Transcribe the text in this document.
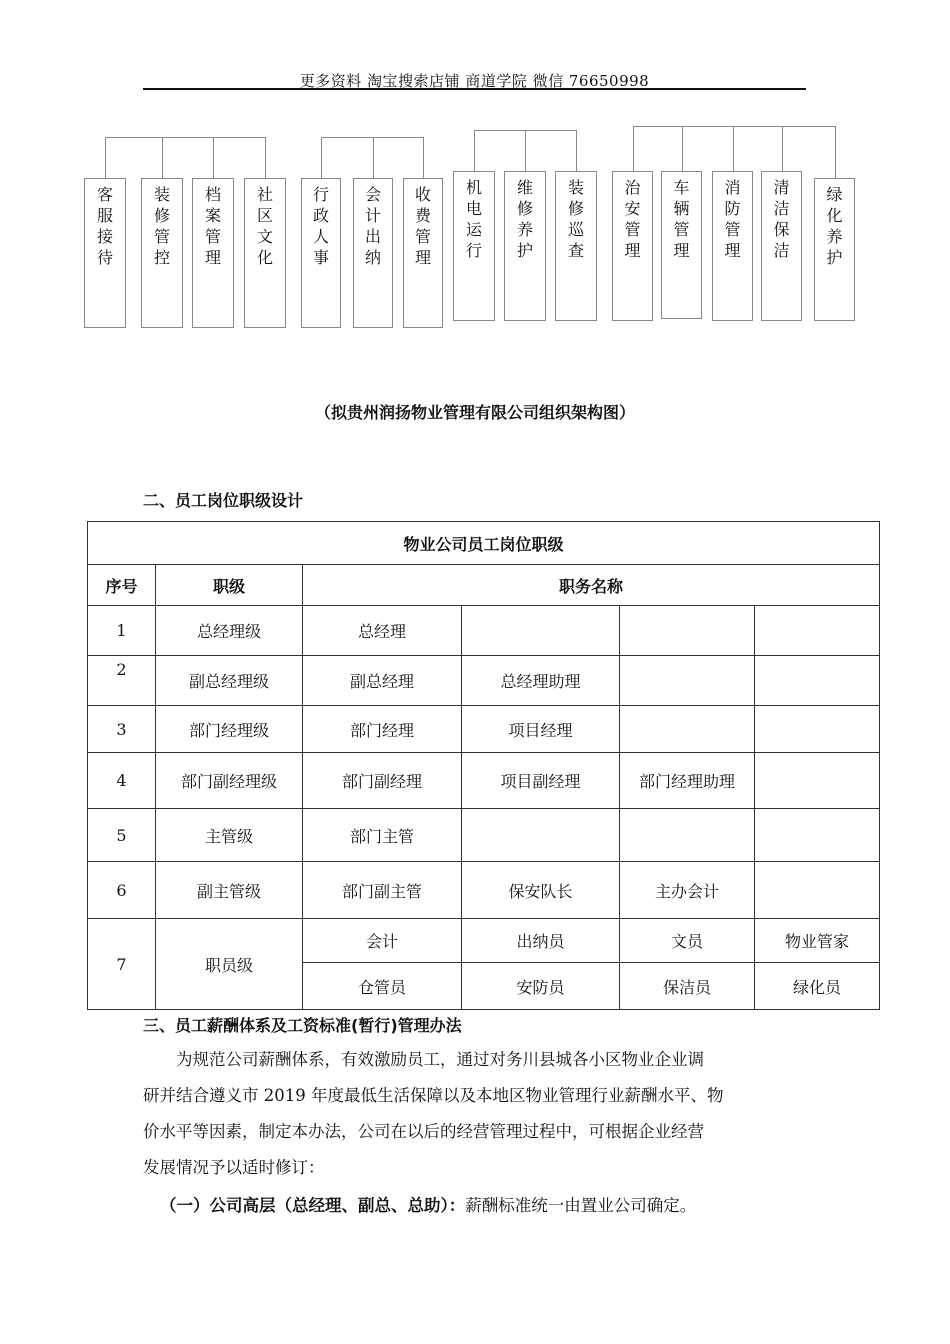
更多资料 淘宝搜索店铺 商道学院 微信 76650998
客服接待
装修管控
档案管理
社区文化
行政人事
会计出纳
收费管理
机电运行
维修养护
装修巡查
治安管理
车辆管理
消防管理
清洁保洁
绿化养护
（拟贵州润扬物业管理有限公司组织架构图）
二、员工岗位职级设计
物业公司员工岗位职级					
序号	职级	职务名称			
1	总经理级	总经理			
2	副总经理级	副总经理	总经理助理		
3	部门经理级	部门经理	项目经理		
4	部门副经理级	部门副经理	项目副经理	部门经理助理	
5	主管级	部门主管			
6	副主管级	部门副主管	保安队长	主办会计	
7	职员级	会计	出纳员	文员	物业管家
		仓管员	安防员	保洁员	绿化员
三、员工薪酬体系及工资标准(暂行)管理办法
为规范公司薪酬体系，有效激励员工，通过对务川县城各小区物业企业调
研并结合遵义市 2019 年度最低生活保障以及本地区物业管理行业薪酬水平、物
价水平等因素，制定本办法，公司在以后的经营管理过程中，可根据企业经营
发展情况予以适时修订：
（一）公司高层（总经理、副总、总助）：薪酬标准统一由置业公司确定。
